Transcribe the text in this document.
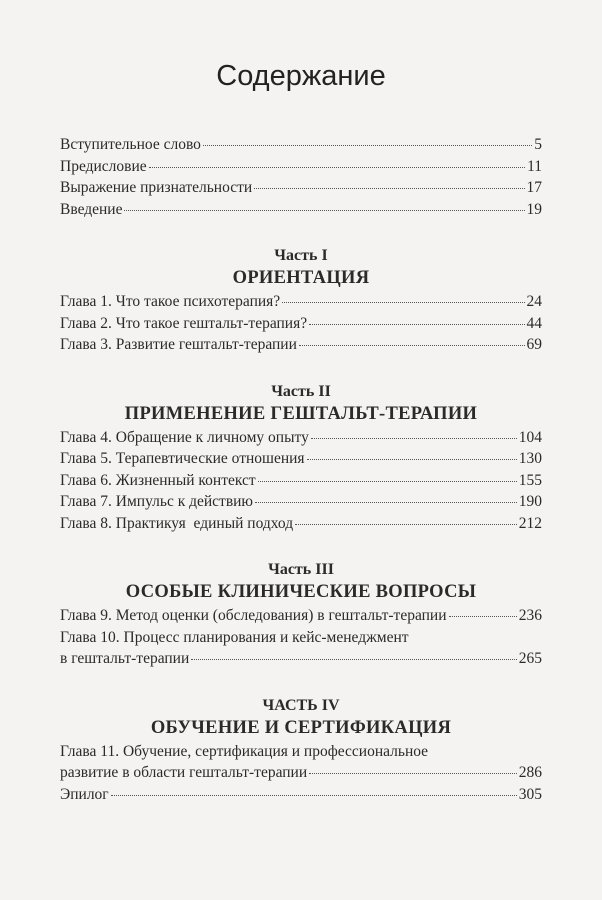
Содержание
Вступительное слово	5
Предисловие	11
Выражение признательности	17
Введение	19
Часть I
ОРИЕНТАЦИЯ
Глава 1. Что такое психотерапия?	24
Глава 2. Что такое гештальт-терапия?	44
Глава 3. Развитие гештальт-терапии	69
Часть II
ПРИМЕНЕНИЕ ГЕШТАЛЬТ-ТЕРАПИИ
Глава 4. Обращение к личному опыту	104
Глава 5. Терапевтические отношения	130
Глава 6. Жизненный контекст	155
Глава 7. Импульс к действию	190
Глава 8. Практикуя  единый подход	212
Часть III
ОСОБЫЕ КЛИНИЧЕСКИЕ ВОПРОСЫ
Глава 9. Метод оценки (обследования) в гештальт-терапии	236
Глава 10. Процесс планирования и кейс-менеджмент
в гештальт-терапии	265
ЧАСТЬ IV
ОБУЧЕНИЕ И СЕРТИФИКАЦИЯ
Глава 11. Обучение, сертификация и профессиональное
развитие в области гештальт-терапии	286
Эпилог	305
